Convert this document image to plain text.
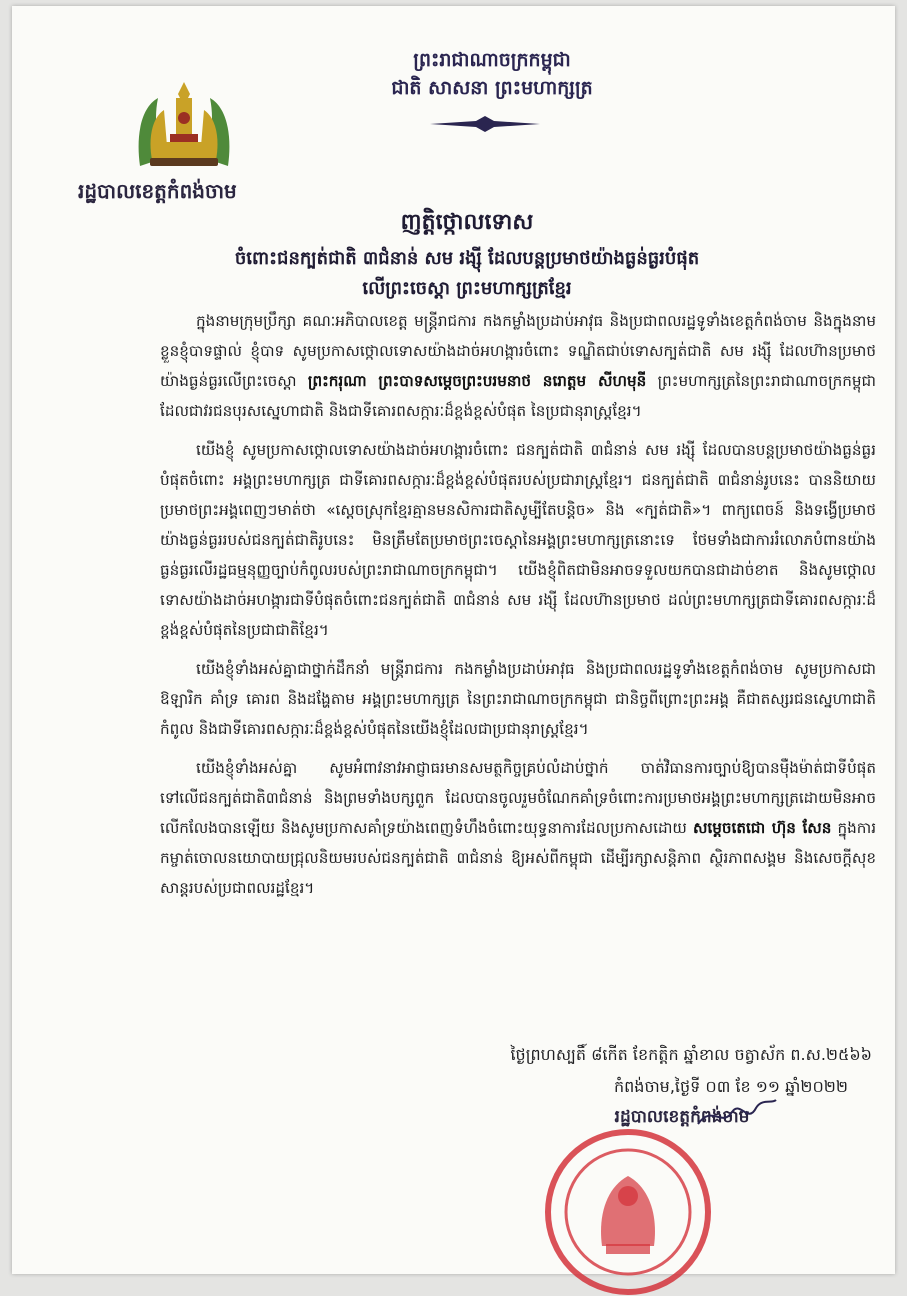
រដ្ឋបាលខេត្តកំពង់ចាម
ព្រះរាជាណាចក្រកម្ពុជា
ជាតិ សាសនា ព្រះមហាក្សត្រ
ញត្តិថ្កោលទោស
ចំពោះជនក្បត់ជាតិ ៣ជំនាន់ សម រង្ស៊ី ដែលបន្តប្រមាថយ៉ាងធ្ងន់ធ្ងរបំផុត
លើព្រះចេស្តា ព្រះមហាក្សត្រខ្មែរ

ក្នុងនាមក្រុមប្រឹក្សា គណៈអភិបាលខេត្ត មន្ត្រីរាជការ កងកម្លាំងប្រដាប់អាវុធ និងប្រជាពលរដ្ឋទូទាំងខេត្តកំពង់ចាម និងក្នុងនាមខ្លួនខ្ញុំបាទផ្ទាល់ ខ្ញុំបាទ សូមប្រកាសថ្កោលទោសយ៉ាងដាច់អហង្ការចំពោះ ទណ្ឌិតជាប់ទោសក្បត់ជាតិ សម រង្ស៊ី ដែលហ៊ានប្រមាថយ៉ាងធ្ងន់ធ្ងរលើព្រះចេស្តា ព្រះករុណា ព្រះបាទសម្តេចព្រះបរមនាថ នរោត្តម សីហមុនី ព្រះមហាក្សត្រនៃព្រះរាជាណាចក្រកម្ពុជា ដែលជាវរជនបុរសស្នេហាជាតិ និងជាទីគោរពសក្ការៈដ៏ខ្ពង់ខ្ពស់បំផុត នៃប្រជានុរាស្ត្រខ្មែរ។

យើងខ្ញុំ សូមប្រកាសថ្កោលទោសយ៉ាងដាច់អហង្ការចំពោះ ជនក្បត់ជាតិ ៣ជំនាន់ សម រង្ស៊ី ដែលបានបន្តប្រមាថយ៉ាងធ្ងន់ធ្ងរបំផុតចំពោះ អង្គព្រះមហាក្សត្រ ជាទីគោរពសក្ការៈដ៏ខ្ពង់ខ្ពស់បំផុតរបស់ប្រជារាស្ត្រខ្មែរ។ ជនក្បត់ជាតិ ៣ជំនាន់រូបនេះ បាននិយាយប្រមាថព្រះអង្គពេញៗមាត់ថា «ស្តេចស្រុកខ្មែរគ្មានមនសិការជាតិសូម្បីតែបន្តិច» និង «ក្បត់ជាតិ»។ ពាក្យពេចន៍ និងទង្វើប្រមាថយ៉ាងធ្ងន់ធ្ងររបស់ជនក្បត់ជាតិរូបនេះ មិនត្រឹមតែប្រមាថព្រះចេស្តានៃអង្គព្រះមហាក្សត្រនោះទេ ថែមទាំងជាការរំលោភបំពានយ៉ាងធ្ងន់ធ្ងរលើរដ្ឋធម្មនុញ្ញច្បាប់កំពូលរបស់ព្រះរាជាណាចក្រកម្ពុជា។ យើងខ្ញុំពិតជាមិនអាចទទួលយកបានជាដាច់ខាត និងសូមថ្កោលទោសយ៉ាងដាច់អហង្ការជាទីបំផុតចំពោះជនក្បត់ជាតិ ៣ជំនាន់ សម រង្ស៊ី ដែលហ៊ានប្រមាថ ដល់ព្រះមហាក្សត្រជាទីគោរពសក្ការៈដ៏ខ្ពង់ខ្ពស់បំផុតនៃប្រជាជាតិខ្មែរ។

យើងខ្ញុំទាំងអស់គ្នាជាថ្នាក់ដឹកនាំ មន្ត្រីរាជការ កងកម្លាំងប្រដាប់អាវុធ និងប្រជាពលរដ្ឋទូទាំងខេត្តកំពង់ចាម សូមប្រកាសជាឱឡារិក គាំទ្រ គោរព និងដង្ហែតាម អង្គព្រះមហាក្សត្រ នៃព្រះរាជាណាចក្រកម្ពុជា ជានិច្ចពីព្រោះព្រះអង្គ គឺជាតស្សរជនស្នេហាជាតិកំពូល និងជាទីគោរពសក្ការៈដ៏ខ្ពង់ខ្ពស់បំផុតនៃយើងខ្ញុំដែលជាប្រជានុរាស្ត្រខ្មែរ។

យើងខ្ញុំទាំងអស់គ្នា សូមអំពាវនាវអាជ្ញាធរមានសមត្ថកិច្ចគ្រប់លំដាប់ថ្នាក់ ចាត់វិធានការច្បាប់ឱ្យបានម៉ឺងម៉ាត់ជាទីបំផុតទៅលើជនក្បត់ជាតិ៣ជំនាន់ និងព្រមទាំងបក្សពួក ដែលបានចូលរួមចំណែកគាំទ្រចំពោះការប្រមាថអង្គព្រះមហាក្សត្រដោយមិនអាចលើកលែងបានឡើយ និងសូមប្រកាសគាំទ្រយ៉ាងពេញទំហឹងចំពោះយុទ្ធនាការដែលប្រកាសដោយ សម្តេចតេជោ ហ៊ុន សែន ក្នុងការកម្ចាត់ចោលនយោបាយជ្រុលនិយមរបស់ជនក្បត់ជាតិ ៣ជំនាន់ ឱ្យអស់ពីកម្ពុជា ដើម្បីរក្សាសន្តិភាព ស្ថិរភាពសង្គម និងសេចក្តីសុខសាន្តរបស់ប្រជាពលរដ្ឋខ្មែរ។

ថ្ងៃព្រហស្បតិ៍ ៨កើត ខែកត្តិក ឆ្នាំខាល ចត្វាស័ក ព.ស.២៥៦៦
កំពង់ចាម,ថ្ងៃទី ០៣ ខែ ១១ ឆ្នាំ២០២២
រដ្ឋបាលខេត្តកំពង់ចាម
